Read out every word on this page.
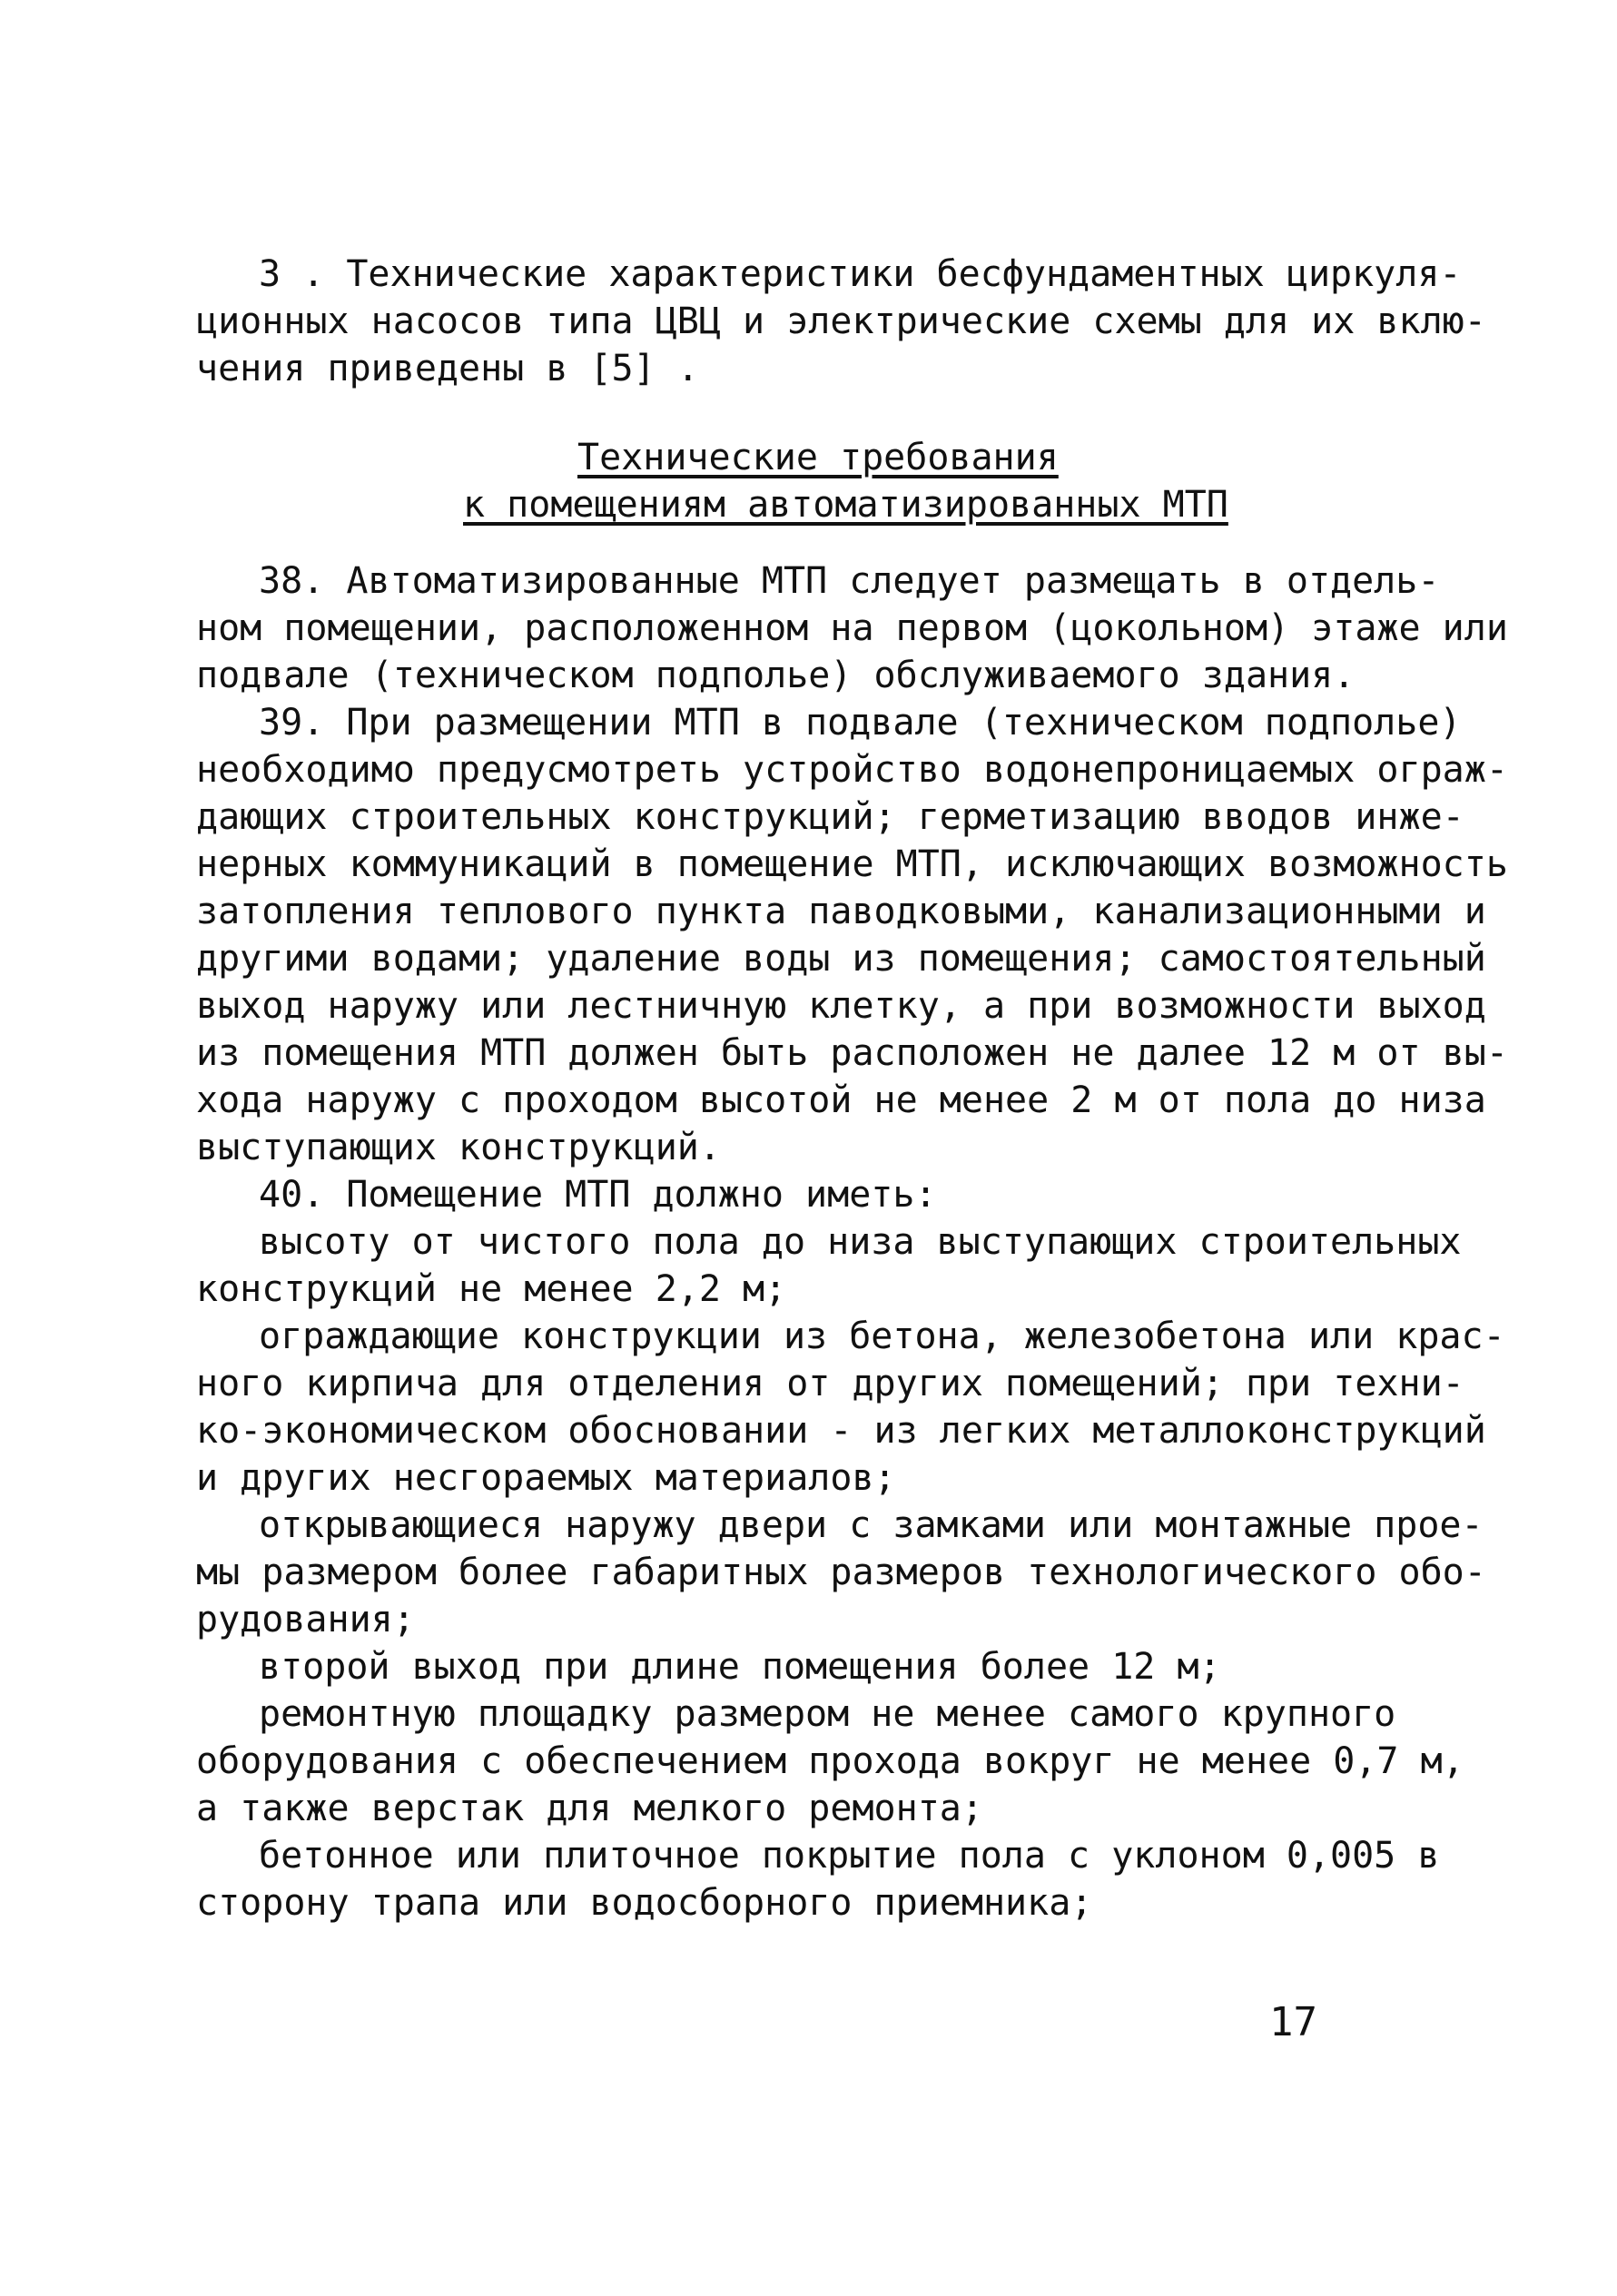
3 . Технические характеристики бесфундаментных циркуля-
ционных насосов типа ЦВЦ и электрические схемы для их вклю-
чения приведены в [5] .
Технические требования
к помещениям автоматизированных МТП
38. Автоматизированные МТП следует размещать в отдель-
ном помещении, расположенном на первом (цокольном) этаже или
подвале (техническом подполье) обслуживаемого здания.
39. При размещении МТП в подвале (техническом подполье)
необходимо предусмотреть устройство водонепроницаемых ограж-
дающих строительных конструкций; герметизацию вводов инже-
нерных коммуникаций в помещение МТП, исключающих возможность
затопления теплового пункта паводковыми, канализационными и
другими водами; удаление воды из помещения; самостоятельный
выход наружу или лестничную клетку, а при возможности выход
из помещения МТП должен быть расположен не далее 12 м от вы-
хода наружу с проходом высотой не менее 2 м от пола до низа
выступающих конструкций.
40. Помещение МТП должно иметь:
высоту от чистого пола до низа выступающих строительных
конструкций не менее 2,2 м;
ограждающие конструкции из бетона, железобетона или крас-
ного кирпича для отделения от других помещений; при техни-
ко-экономическом обосновании - из легких металлоконструкций
и других несгораемых материалов;
открывающиеся наружу двери с замками или монтажные прое-
мы размером более габаритных размеров технологического обо-
рудования;
второй выход при длине помещения более 12 м;
ремонтную площадку размером не менее самого крупного
оборудования с обеспечением прохода вокруг не менее 0,7 м,
а также верстак для мелкого ремонта;
бетонное или плиточное покрытие пола с уклоном 0,005 в
сторону трапа или водосборного приемника;
17
